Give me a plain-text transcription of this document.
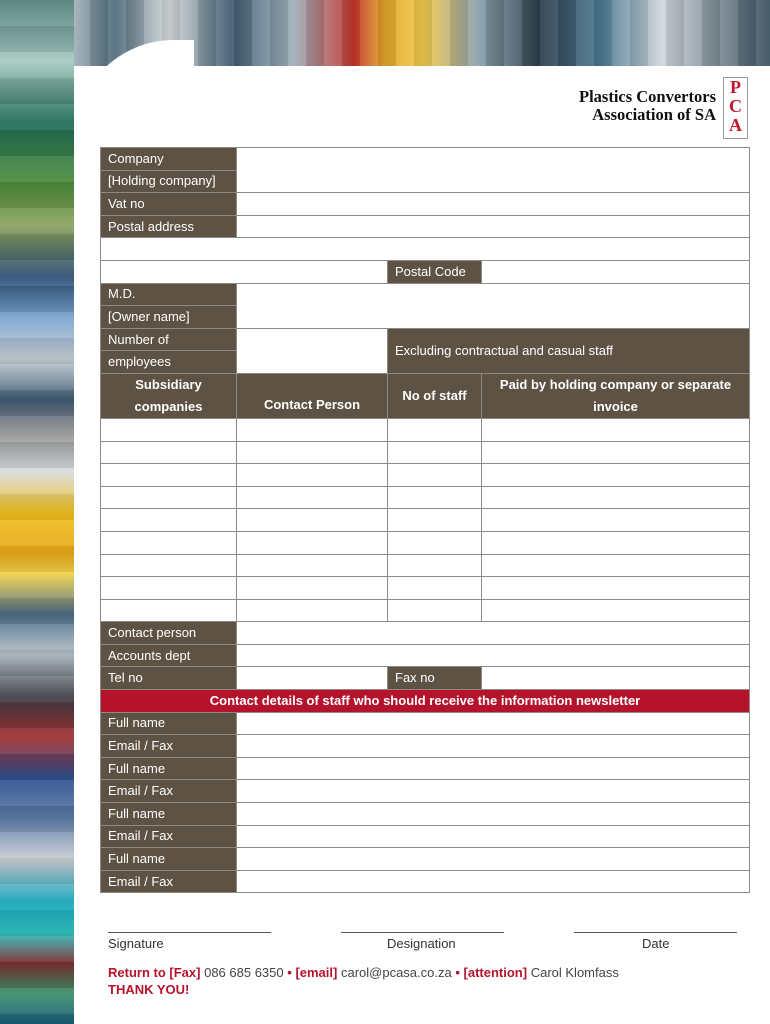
Plastics Convertors
Association of SA
P
C
A
Company			
[Holding company]			
Vat no			
Postal address			

		Postal Code	
M.D.			
[Owner name]			
Number of		Excluding contractual and casual staff	
employees			

Subsidiary
companies	Contact Person	No of staff	Paid by holding company or separate invoice

Contact person			
Accounts dept			
Tel no		Fax no	
Contact details of staff who should receive the information newsletter			
Full name			
Email / Fax			
Full name			
Email / Fax			
Full name			
Email / Fax			
Full name			
Email / Fax			
Signature	Designation	Date
Return to [Fax] 086 685 6350 • [email] carol@pcasa.co.za • [attention] Carol Klomfass
THANK YOU!
